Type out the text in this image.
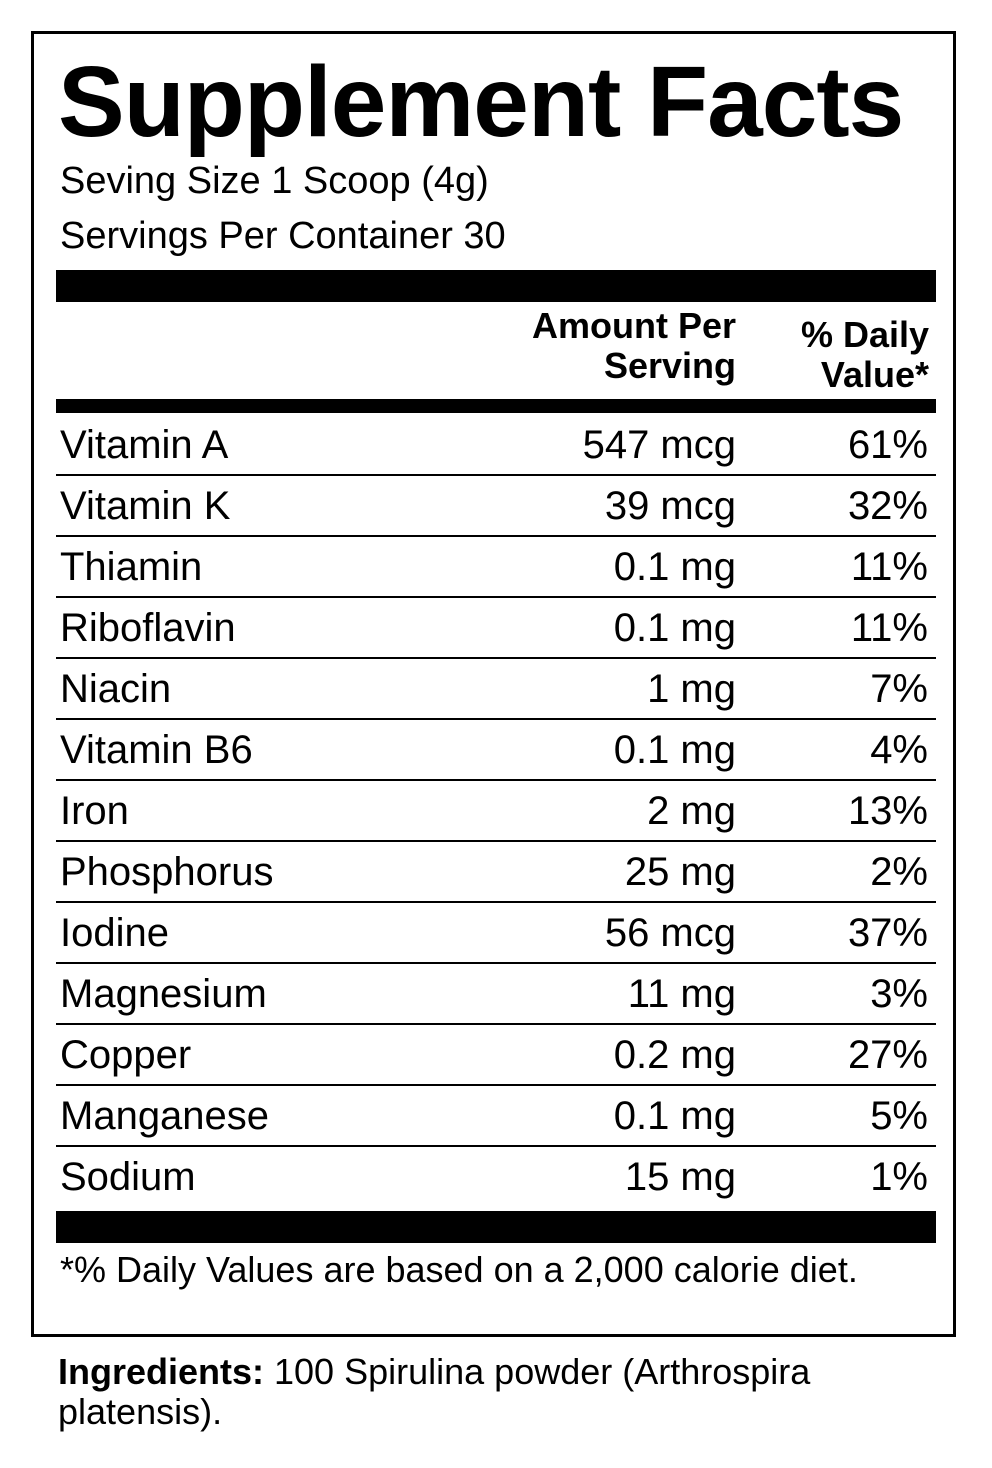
Supplement Facts
Seving Size 1 Scoop (4g)
Servings Per Container 30
Amount Per
Serving
% Daily
Value*
Vitamin A	547 mcg	61%
Vitamin K	39 mcg	32%
Thiamin	0.1 mg	11%
Riboflavin	0.1 mg	11%
Niacin	1 mg	7%
Vitamin B6	0.1 mg	4%
Iron	2 mg	13%
Phosphorus	25 mg	2%
Iodine	56 mcg	37%
Magnesium	11 mg	3%
Copper	0.2 mg	27%
Manganese	0.1 mg	5%
Sodium	15 mg	1%
*% Daily Values are based on a 2,000 calorie diet.
Ingredients: 100 Spirulina powder (Arthrospira platensis).
